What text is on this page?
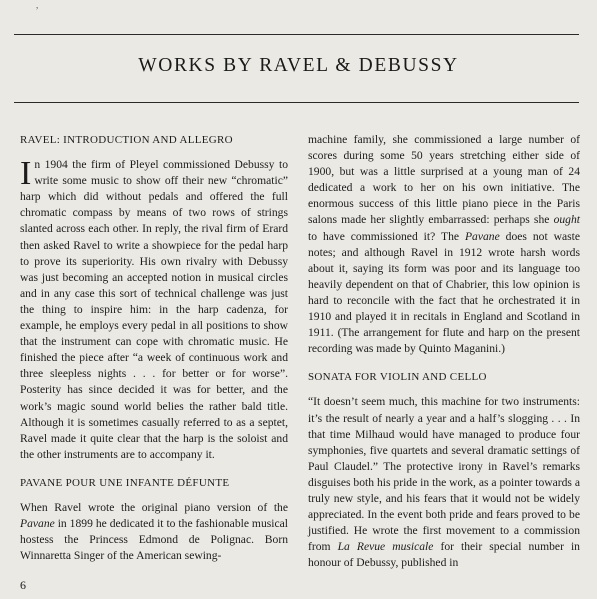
,
WORKS BY RAVEL & DEBUSSY
RAVEL: INTRODUCTION AND ALLEGRO

In 1904 the firm of Pleyel commissioned Debussy to write some music to show off their new “chromatic” harp which did without pedals and offered the full chromatic compass by means of two rows of strings slanted across each other. In reply, the rival firm of Erard then asked Ravel to write a showpiece for the pedal harp to prove its superiority. His own rivalry with Debussy was just becoming an accepted notion in musical circles and in any case this sort of technical challenge was just the thing to inspire him: in the harp cadenza, for example, he employs every pedal in all positions to show that the instrument can cope with chromatic music. He finished the piece after “a week of continuous work and three sleepless nights . . . for better or for worse”. Posterity has since decided it was for better, and the work’s magic sound world belies the rather bald title. Although it is sometimes casually referred to as a septet, Ravel made it quite clear that the harp is the soloist and the other instruments are to accompany it.

PAVANE POUR UNE INFANTE DÉFUNTE

When Ravel wrote the original piano version of the Pavane in 1899 he dedicated it to the fashionable musical hostess the Princess Edmond de Polignac. Born Winnaretta Singer of the American sewing-

machine family, she commissioned a large number of scores during some 50 years stretching either side of 1900, but was a little surprised at a young man of 24 dedicated a work to her on his own initiative. The enormous success of this little piano piece in the Paris salons made her slightly embarrassed: perhaps she ought to have commissioned it? The Pavane does not waste notes; and although Ravel in 1912 wrote harsh words about it, saying its form was poor and its language too heavily dependent on that of Chabrier, this low opinion is hard to reconcile with the fact that he orchestrated it in 1910 and played it in recitals in England and Scotland in 1911. (The arrangement for flute and harp on the present recording was made by Quinto Maganini.)

SONATA FOR VIOLIN AND CELLO

“It doesn’t seem much, this machine for two instruments: it’s the result of nearly a year and a half’s slogging . . . In that time Milhaud would have managed to produce four symphonies, five quartets and several dramatic settings of Paul Claudel.” The protective irony in Ravel’s remarks disguises both his pride in the work, as a pointer towards a truly new style, and his fears that it would not be widely appreciated. In the event both pride and fears proved to be justified. He wrote the first movement to a commission from La Revue musicale for their special number in honour of Debussy, published in

6
